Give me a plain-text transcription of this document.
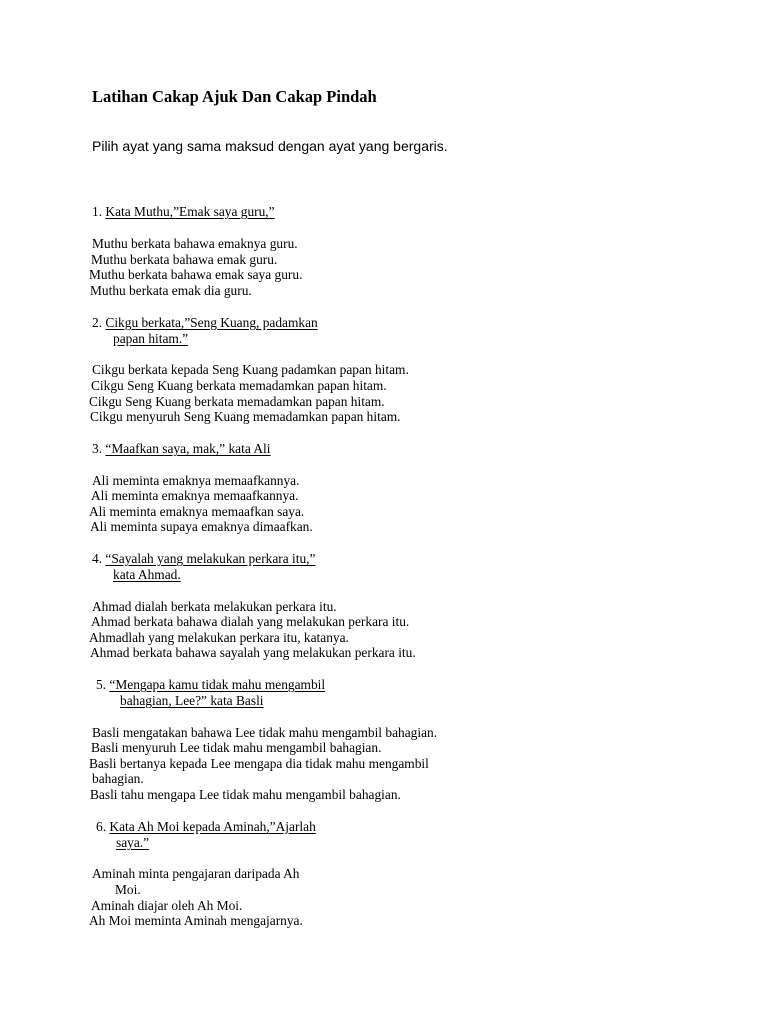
Latihan Cakap Ajuk Dan Cakap Pindah
Pilih ayat yang sama maksud dengan ayat yang bergaris.
1. Kata Muthu,”Emak saya guru,”
Muthu berkata bahawa emaknya guru.
Muthu berkata bahawa emak guru.
Muthu berkata bahawa emak saya guru.
Muthu berkata emak dia guru.
2. Cikgu berkata,”Seng Kuang, padamkan
papan hitam.”
Cikgu berkata kepada Seng Kuang padamkan papan hitam.
Cikgu Seng Kuang berkata memadamkan papan hitam.
Cikgu Seng Kuang berkata memadamkan papan hitam.
Cikgu menyuruh Seng Kuang memadamkan papan hitam.
3. “Maafkan saya, mak,” kata Ali
Ali meminta emaknya memaafkannya.
Ali meminta emaknya memaafkannya.
Ali meminta emaknya memaafkan saya.
Ali meminta supaya emaknya dimaafkan.
4. “Sayalah yang melakukan perkara itu,”
kata Ahmad.
Ahmad dialah berkata melakukan perkara itu.
Ahmad berkata bahawa dialah yang melakukan perkara itu.
Ahmadlah yang melakukan perkara itu, katanya.
Ahmad berkata bahawa sayalah yang melakukan perkara itu.
5. “Mengapa kamu tidak mahu mengambil
bahagian, Lee?” kata Basli
Basli mengatakan bahawa Lee tidak mahu mengambil bahagian.
Basli menyuruh Lee tidak mahu mengambil bahagian.
Basli bertanya kepada Lee mengapa dia tidak mahu mengambil
bahagian.
Basli tahu mengapa Lee tidak mahu mengambil bahagian.
6. Kata Ah Moi kepada Aminah,”Ajarlah
saya.”
Aminah minta pengajaran daripada Ah
Moi.
Aminah diajar oleh Ah Moi.
Ah Moi meminta Aminah mengajarnya.
